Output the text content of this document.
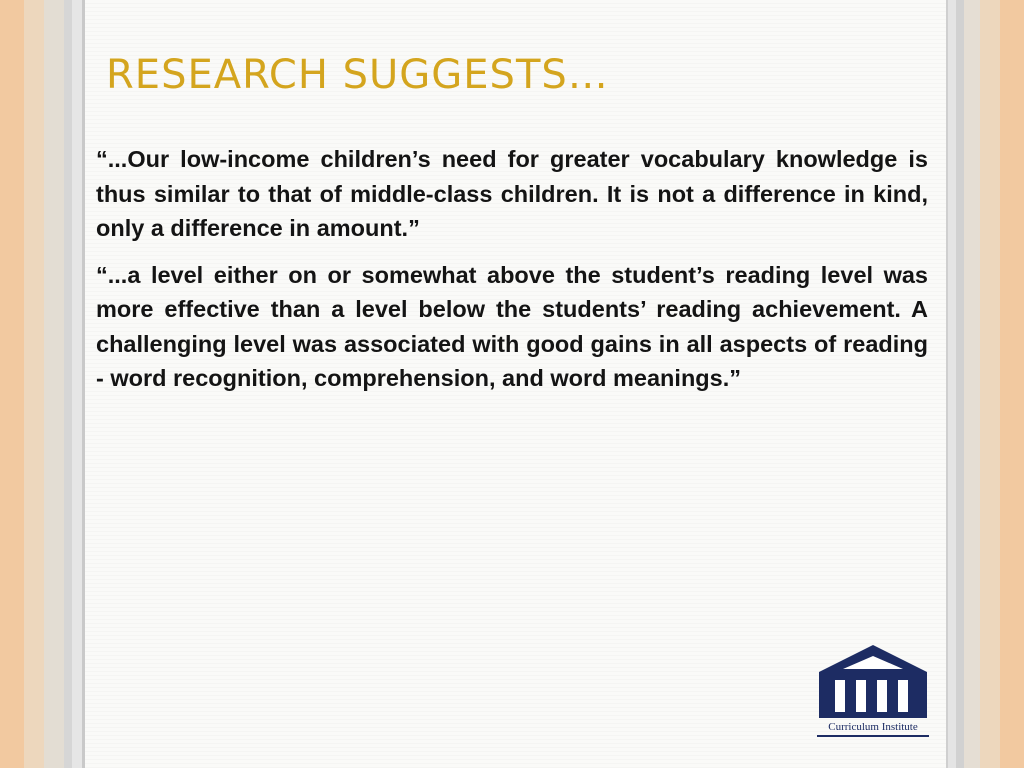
RESEARCH SUGGESTS…

“...Our low-income children’s need for greater vocabulary knowledge is thus similar to that of middle-class children. It is not a difference in kind, only a difference in amount.”

“...a level either on or somewhat above the student’s reading level was more effective than a level below the students’ reading achievement. A challenging level was associated with good gains in all aspects of reading - word recognition, comprehension, and word meanings.”

Curriculum Institute
